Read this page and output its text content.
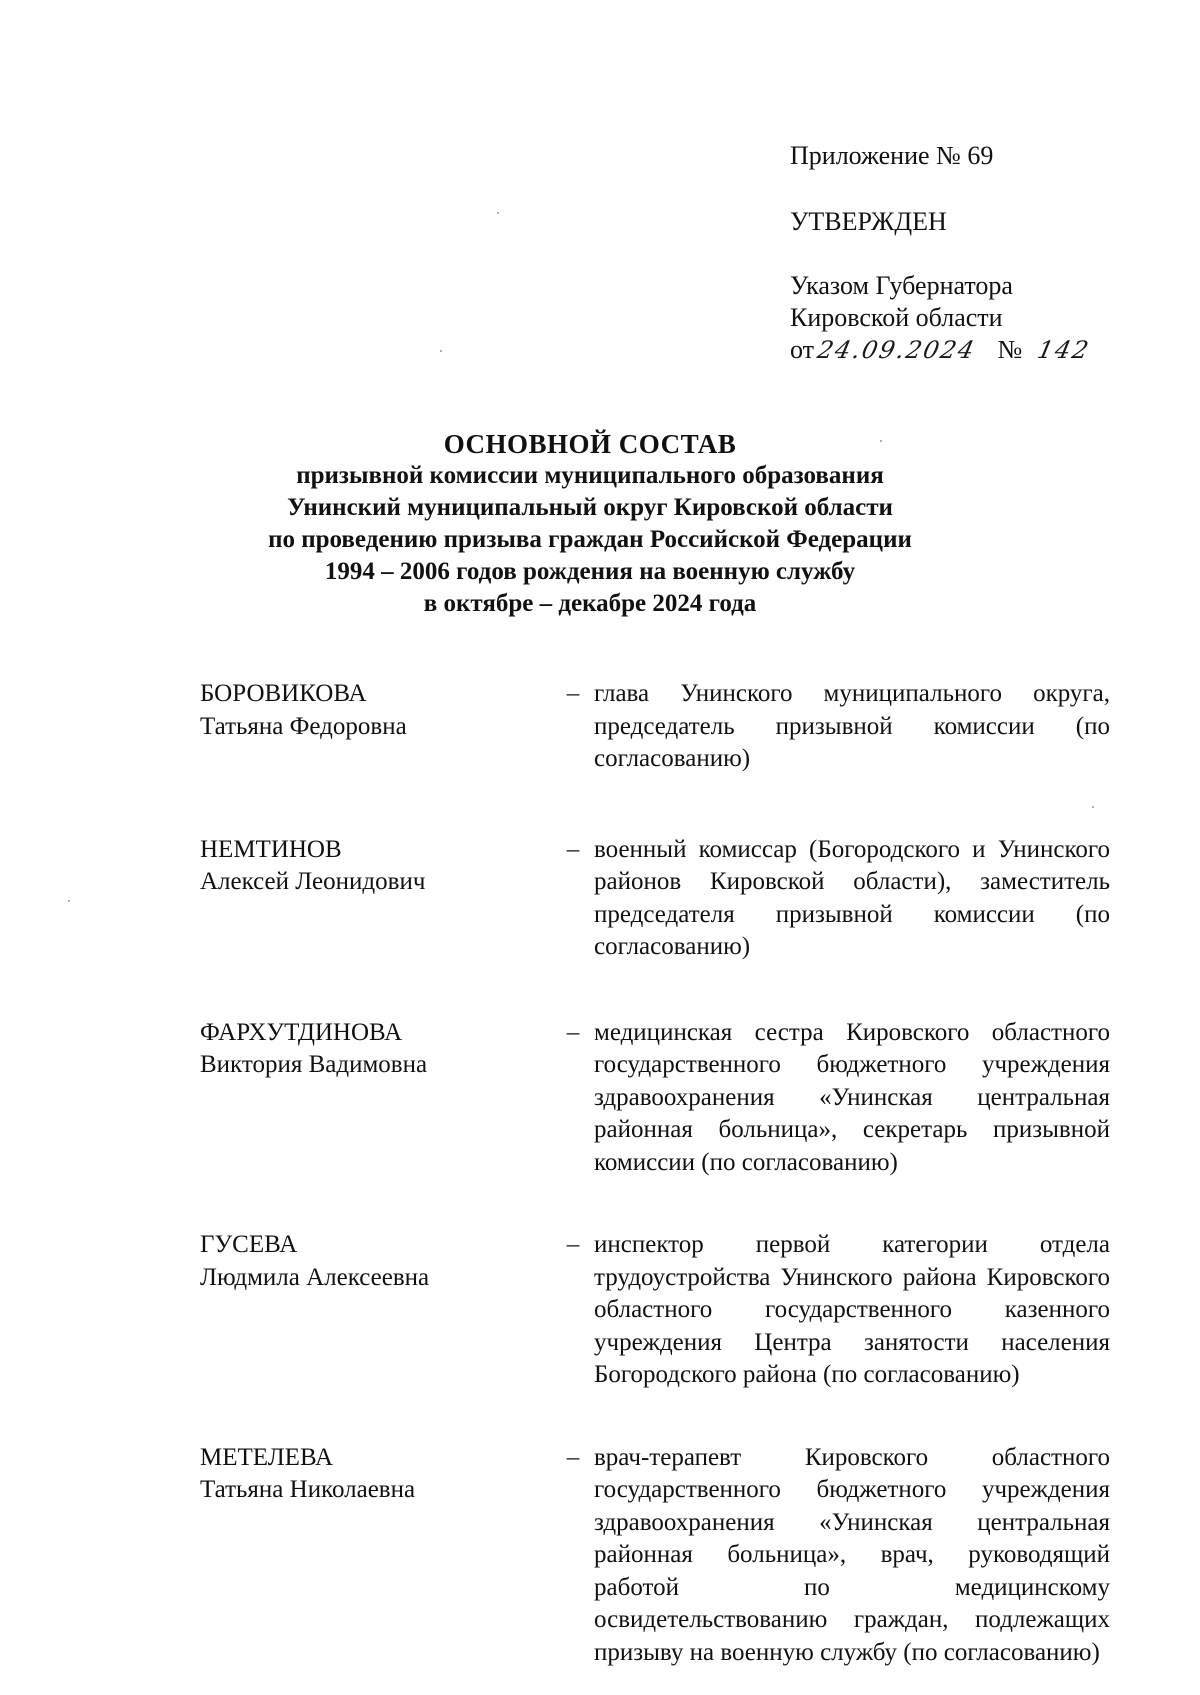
Приложение № 69
УТВЕРЖДЕН
Указом Губернатора
Кировской области
от24.09.2024 № 142
ОСНОВНОЙ СОСТАВ
призывной комиссии муниципального образования
Унинский муниципальный округ Кировской области
по проведению призыва граждан Российской Федерации
1994 – 2006 годов рождения на военную службу
в октябре – декабре 2024 года
БОРОВИКОВА
Татьяна Федоровна
– глава Унинского муниципального округа, председатель призывной комиссии (по согласованию)
НЕМТИНОВ
Алексей Леонидович
– военный комиссар (Богородского и Унинского районов Кировской области), заместитель председателя призывной комиссии (по согласованию)
ФАРХУТДИНОВА
Виктория Вадимовна
– медицинская сестра Кировского областного государственного бюджетного учреждения здравоохранения «Унинская центральная районная больница», секретарь призывной комиссии (по согласованию)
ГУСЕВА
Людмила Алексеевна
– инспектор первой категории отдела трудоустройства Унинского района Кировского областного государственного казенного учреждения Центра занятости населения Богородского района (по согласованию)
МЕТЕЛЕВА
Татьяна Николаевна
– врач-терапевт Кировского областного государственного бюджетного учреждения здравоохранения «Унинская центральная районная больница», врач, руководящий работой по медицинскому освидетельствованию граждан, подлежащих призыву на военную службу (по согласованию)
